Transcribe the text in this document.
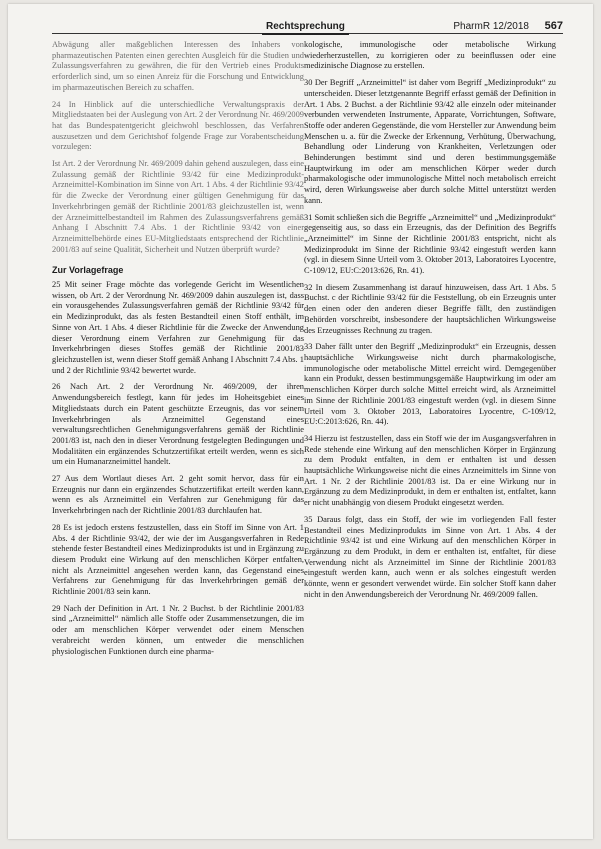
Rechtsprechung	PharmR 12/2018 567

Abwägung aller maßgeblichen Interessen des Inhabers von pharmazeutischen Patenten einen gerechten Ausgleich für die Studien und Zulassungsverfahren zu gewähren, die für den Vertrieb eines Produkts erforderlich sind, um so einen Anreiz für die Forschung und Entwicklung im pharmazeutischen Bereich zu schaffen.

24 In Hinblick auf die unterschiedliche Verwaltungspraxis der Mitgliedstaaten bei der Auslegung von Art. 2 der Verordnung Nr. 469/2009 hat das Bundespatentgericht gleichwohl beschlossen, das Verfahren auszusetzen und dem Gerichtshof folgende Frage zur Vorabentscheidung vorzulegen:

Ist Art. 2 der Verordnung Nr. 469/2009 dahin gehend auszulegen, dass eine Zulassung gemäß der Richtlinie 93/42 für eine Medizinprodukt-Arzneimittel-Kombination im Sinne von Art. 1 Abs. 4 der Richtlinie 93/42 für die Zwecke der Verordnung einer gültigen Genehmigung für das Inverkehrbringen gemäß der Richtlinie 2001/83 gleichzustellen ist, wenn der Arzneimittelbestandteil im Rahmen des Zulassungsverfahrens gemäß Anhang I Abschnitt 7.4 Abs. 1 der Richtlinie 93/42 von einer Arzneimittelbehörde eines EU-Mitgliedstaats entsprechend der Richtlinie 2001/83 auf seine Qualität, Sicherheit und Nutzen überprüft wurde?

Zur Vorlagefrage

25 Mit seiner Frage möchte das vorlegende Gericht im Wesentlichen wissen, ob Art. 2 der Verordnung Nr. 469/2009 dahin auszulegen ist, dass ein vorausgehendes Zulassungsverfahren gemäß der Richtlinie 93/42 für ein Medizinprodukt, das als festen Bestandteil einen Stoff enthält, im Sinne von Art. 1 Abs. 4 dieser Richtlinie für die Zwecke der Anwendung dieser Verordnung einem Verfahren zur Genehmigung für das Inverkehrbringen dieses Stoffes gemäß der Richtlinie 2001/83 gleichzustellen ist, wenn dieser Stoff gemäß Anhang I Abschnitt 7.4 Abs. 1 und 2 der Richtlinie 93/42 bewertet wurde.

26 Nach Art. 2 der Verordnung Nr. 469/2009, der ihren Anwendungsbereich festlegt, kann für jedes im Hoheitsgebiet eines Mitgliedstaats durch ein Patent geschützte Erzeugnis, das vor seinem Inverkehrbringen als Arzneimittel Gegenstand eines verwaltungsrechtlichen Genehmigungsverfahrens gemäß der Richtlinie 2001/83 ist, nach den in dieser Verordnung festgelegten Bedingungen und Modalitäten ein ergänzendes Schutzzertifikat erteilt werden, wenn es sich um ein Humanarzneimittel handelt.

27 Aus dem Wortlaut dieses Art. 2 geht somit hervor, dass für ein Erzeugnis nur dann ein ergänzendes Schutzzertifikat erteilt werden kann, wenn es als Arzneimittel ein Verfahren zur Genehmigung für das Inverkehrbringen nach der Richtlinie 2001/83 durchlaufen hat.

28 Es ist jedoch erstens festzustellen, dass ein Stoff im Sinne von Art. 1 Abs. 4 der Richtlinie 93/42, der wie der im Ausgangsverfahren in Rede stehende fester Bestandteil eines Medizinprodukts ist und in Ergänzung zu diesem Produkt eine Wirkung auf den menschlichen Körper entfalten, nicht als Arzneimittel angesehen werden kann, das Gegenstand eines Verfahrens zur Genehmigung für das Inverkehrbringen gemäß der Richtlinie 2001/83 sein kann.

29 Nach der Definition in Art. 1 Nr. 2 Buchst. b der Richtlinie 2001/83 sind „Arzneimittel“ nämlich alle Stoffe oder Zusammensetzungen, die im oder am menschlichen Körper verwendet oder einem Menschen verabreicht werden können, um entweder die menschlichen physiologischen Funktionen durch eine pharma-

kologische, immunologische oder metabolische Wirkung wiederherzustellen, zu korrigieren oder zu beeinflussen oder eine medizinische Diagnose zu erstellen.

30 Der Begriff „Arzneimittel“ ist daher vom Begriff „Medizinprodukt“ zu unterscheiden. Dieser letztgenannte Begriff erfasst gemäß der Definition in Art. 1 Abs. 2 Buchst. a der Richtlinie 93/42 alle einzeln oder miteinander verbunden verwendeten Instrumente, Apparate, Vorrichtungen, Software, Stoffe oder anderen Gegenstände, die vom Hersteller zur Anwendung beim Menschen u. a. für die Zwecke der Erkennung, Verhütung, Überwachung, Behandlung oder Linderung von Krankheiten, Verletzungen oder Behinderungen bestimmt sind und deren bestimmungsgemäße Hauptwirkung im oder am menschlichen Körper weder durch pharmakologische oder immunologische Mittel noch metabolisch erreicht wird, deren Wirkungsweise aber durch solche Mittel unterstützt werden kann.

31 Somit schließen sich die Begriffe „Arzneimittel“ und „Medizinprodukt“ gegenseitig aus, so dass ein Erzeugnis, das der Definition des Begriffs „Arzneimittel“ im Sinne der Richtlinie 2001/83 entspricht, nicht als Medizinprodukt im Sinne der Richtlinie 93/42 eingestuft werden kann (vgl. in diesem Sinne Urteil vom 3. Oktober 2013, Laboratoires Lyocentre, C-109/12, EU:C:2013:626, Rn. 41).

32 In diesem Zusammenhang ist darauf hinzuweisen, dass Art. 1 Abs. 5 Buchst. c der Richtlinie 93/42 für die Feststellung, ob ein Erzeugnis unter den einen oder den anderen dieser Begriffe fällt, den zuständigen Behörden vorschreibt, insbesondere der hauptsächlichen Wirkungsweise des Erzeugnisses Rechnung zu tragen.

33 Daher fällt unter den Begriff „Medizinprodukt“ ein Erzeugnis, dessen hauptsächliche Wirkungsweise nicht durch pharmakologische, immunologische oder metabolische Mittel erreicht wird. Demgegenüber kann ein Produkt, dessen bestimmungsgemäße Hauptwirkung im oder am menschlichen Körper durch solche Mittel erreicht wird, als Arzneimittel im Sinne der Richtlinie 2001/83 eingestuft werden (vgl. in diesem Sinne Urteil vom 3. Oktober 2013, Laboratoires Lyocentre, C-109/12, EU:C:2013:626, Rn. 44).

34 Hierzu ist festzustellen, dass ein Stoff wie der im Ausgangsverfahren in Rede stehende eine Wirkung auf den menschlichen Körper in Ergänzung zu dem Produkt entfalten, in dem er enthalten ist und dessen hauptsächliche Wirkungsweise nicht die eines Arzneimittels im Sinne von Art. 1 Nr. 2 der Richtlinie 2001/83 ist. Da er eine Wirkung nur in Ergänzung zu dem Medizinprodukt, in dem er enthalten ist, entfaltet, kann er nicht unabhängig von diesem Produkt eingesetzt werden.

35 Daraus folgt, dass ein Stoff, der wie im vorliegenden Fall fester Bestandteil eines Medizinprodukts im Sinne von Art. 1 Abs. 4 der Richtlinie 93/42 ist und eine Wirkung auf den menschlichen Körper in Ergänzung zu dem Produkt, in dem er enthalten ist, entfaltet, für diese Verwendung nicht als Arzneimittel im Sinne der Richtlinie 2001/83 eingestuft werden kann, auch wenn er als solches eingestuft werden könnte, wenn er gesondert verwendet würde. Ein solcher Stoff kann daher nicht in den Anwendungsbereich der Verordnung Nr. 469/2009 fallen.
